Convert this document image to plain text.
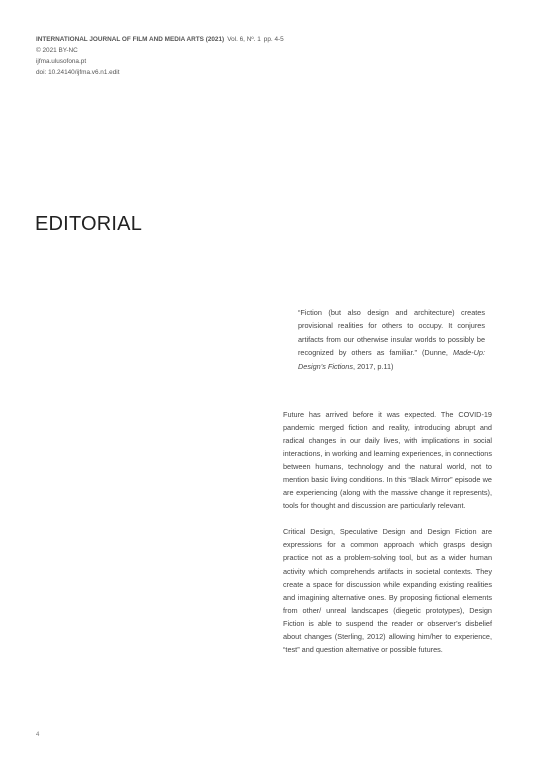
INTERNATIONAL JOURNAL OF FILM AND MEDIA ARTS (2021) Vol. 6, Nº. 1 pp. 4-5
© 2021 BY-NC
ijfma.ulusofona.pt
doi: 10.24140/ijfma.v6.n1.edit
EDITORIAL
“Fiction (but also design and architecture) creates provisional realities for others to occupy. It conjures artifacts from our otherwise insular worlds to possibly be recognized by others as familiar.” (Dunne, Made-Up: Design’s Fictions, 2017, p.11)

Future has arrived before it was expected. The COVID-19 pandemic merged fiction and reality, introducing abrupt and radical changes in our daily lives, with implications in social interactions, in working and learning experiences, in connections between humans, technology and the natural world, not to mention basic living conditions. In this “Black Mirror” episode we are experiencing (along with the massive change it represents), tools for thought and discussion are particularly relevant.

Critical Design, Speculative Design and Design Fiction are expressions for a common approach which grasps design practice not as a problem-solving tool, but as a wider human activity which comprehends artifacts in societal contexts. They create a space for discussion while expanding existing realities and imagining alternative ones. By proposing fictional elements from other/ unreal landscapes (diegetic prototypes), Design Fiction is able to suspend the reader or observer’s disbelief about changes (Sterling, 2012) allowing him/her to experience, “test” and question alternative or possible futures.

4
